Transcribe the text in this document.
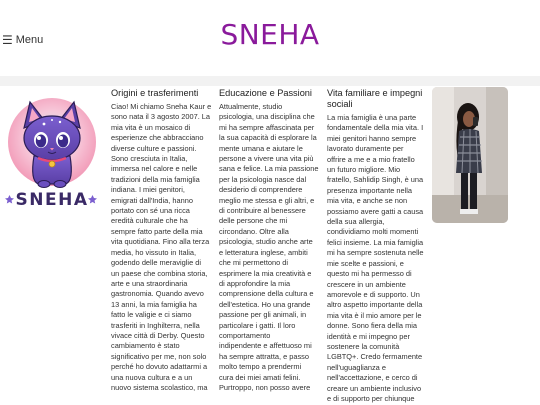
☰ Menu	SNEHA
SNEHA
Origini e trasferimenti

Ciao! Mi chiamo Sneha Kaur e
sono nata il 3 agosto 2007. La
mia vita è un mosaico di
esperienze che abbracciano
diverse culture e passioni.
Sono cresciuta in Italia,
immersa nel calore e nelle
tradizioni della mia famiglia
indiana. I miei genitori,
emigrati dall'India, hanno
portato con sé una ricca
eredità culturale che ha
sempre fatto parte della mia
vita quotidiana. Fino alla terza
media, ho vissuto in Italia,
godendo delle meraviglie di
un paese che combina storia,
arte e una straordinaria
gastronomia. Quando avevo
13 anni, la mia famiglia ha
fatto le valigie e ci siamo
trasferiti in Inghilterra, nella
vivace città di Derby. Questo
cambiamento è stato
significativo per me, non solo
perché ho dovuto adattarmi a
una nuova cultura e a un
nuovo sistema scolastico, ma

Educazione e Passioni

Attualmente, studio
psicologia, una disciplina che
mi ha sempre affascinata per
la sua capacità di esplorare la
mente umana e aiutare le
persone a vivere una vita più
sana e felice. La mia passione
per la psicologia nasce dal
desiderio di comprendere
meglio me stessa e gli altri, e
di contribuire al benessere
delle persone che mi
circondano. Oltre alla
psicologia, studio anche arte
e letteratura inglese, ambiti
che mi permettono di
esprimere la mia creatività e
di approfondire la mia
comprensione della cultura e
dell'estetica. Ho una grande
passione per gli animali, in
particolare i gatti. Il loro
comportamento
indipendente e affettuoso mi
ha sempre attratta, e passo
molto tempo a prendermi
cura dei miei amati felini.
Purtroppo, non posso avere

Vita familiare e impegni sociali

La mia famiglia è una parte
fondamentale della mia vita. I
miei genitori hanno sempre
lavorato duramente per
offrire a me e a mio fratello
un futuro migliore. Mio
fratello, Sahlidip Singh, è una
presenza importante nella
mia vita, e anche se non
possiamo avere gatti a causa
della sua allergia,
condividiamo molti momenti
felici insieme. La mia famiglia
mi ha sempre sostenuta nelle
mie scelte e passioni, e
questo mi ha permesso di
crescere in un ambiente
amorevole e di supporto. Un
altro aspetto importante della
mia vita è il mio amore per le
donne. Sono fiera della mia
identità e mi impegno per
sostenere la comunità
LGBTQ+. Credo fermamente
nell'uguaglianza e
nell'accettazione, e cerco di
creare un ambiente inclusivo
e di supporto per chiunque
